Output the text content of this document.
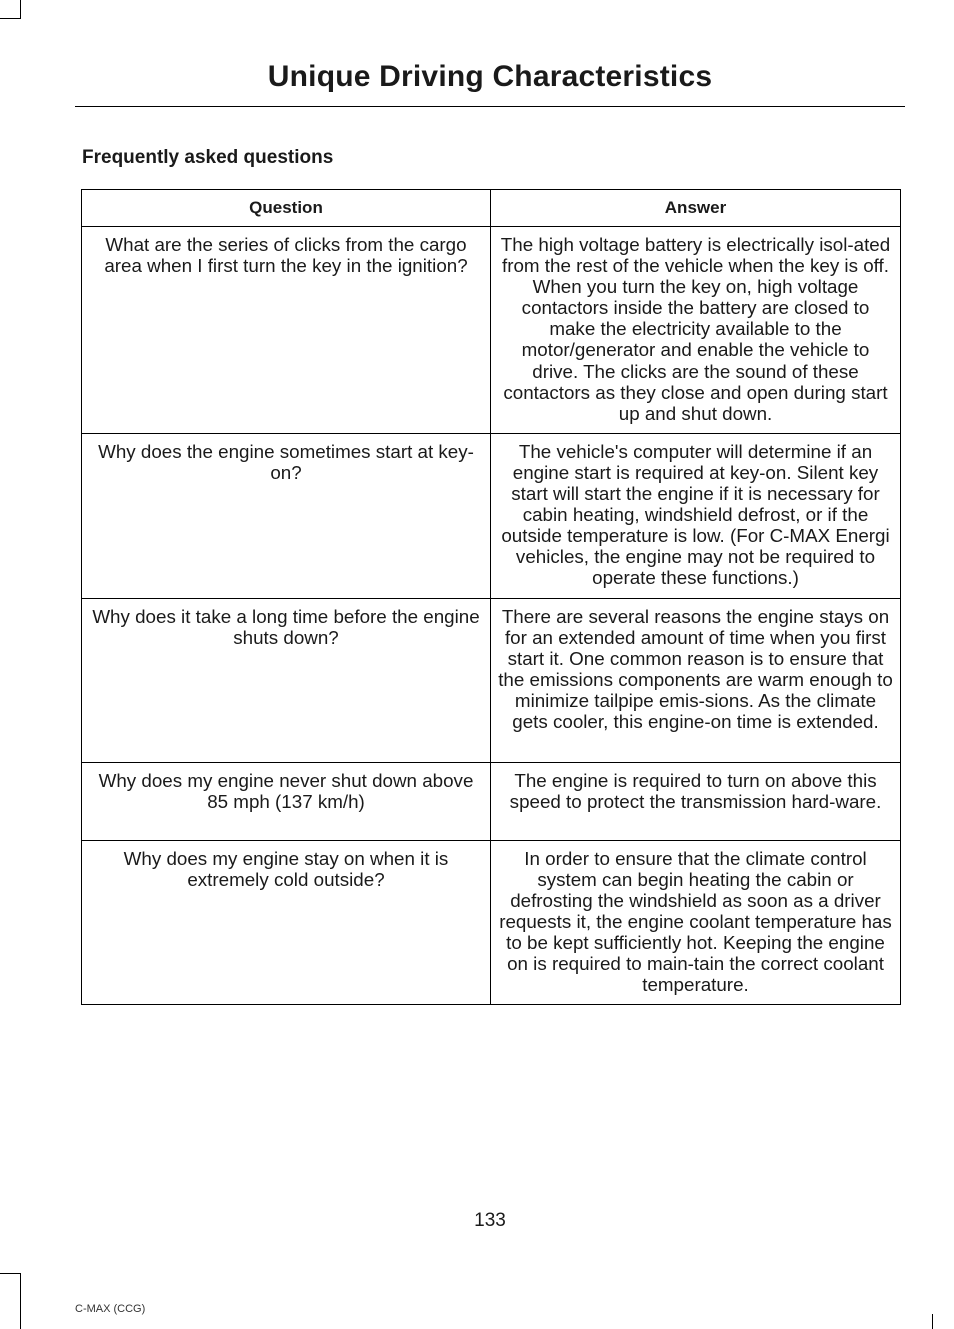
Unique Driving Characteristics
Frequently asked questions
Question	Answer
What are the series of clicks from the cargo area when I first turn the key in the ignition?	The high voltage battery is electrically isol-ated from the rest of the vehicle when the key is off. When you turn the key on, high voltage contactors inside the battery are closed to make the electricity available to the motor/generator and enable the vehicle to drive. The clicks are the sound of these contactors as they close and open during start up and shut down.
Why does the engine sometimes start at key-on?	The vehicle's computer will determine if an engine start is required at key-on. Silent key start will start the engine if it is necessary for cabin heating, windshield defrost, or if the outside temperature is low. (For C-MAX Energi vehicles, the engine may not be required to operate these functions.)
Why does it take a long time before the engine shuts down?	There are several reasons the engine stays on for an extended amount of time when you first start it. One common reason is to ensure that the emissions components are warm enough to minimize tailpipe emis-sions. As the climate gets cooler, this engine-on time is extended.
Why does my engine never shut down above 85 mph (137 km/h)	The engine is required to turn on above this speed to protect the transmission hard-ware.
Why does my engine stay on when it is extremely cold outside?	In order to ensure that the climate control system can begin heating the cabin or defrosting the windshield as soon as a driver requests it, the engine coolant temperature has to be kept sufficiently hot. Keeping the engine on is required to main-tain the correct coolant temperature.
133
C-MAX (CCG)
